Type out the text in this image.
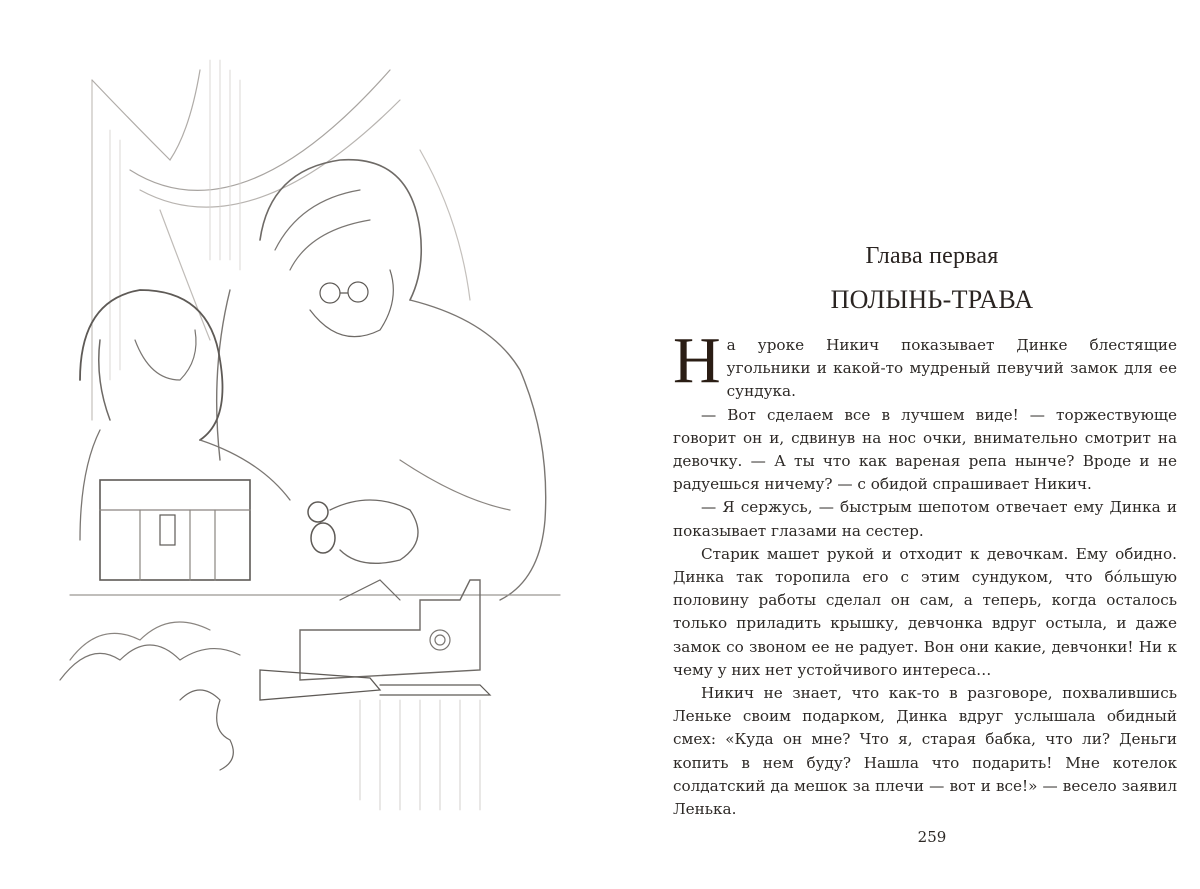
Глава первая
ПОЛЫНЬ-ТРАВА

На уроке Никич показывает Динке блестящие угольники и какой-то мудреный певучий замок для ее сундука.

— Вот сделаем все в лучшем виде! — торжествующе говорит он и, сдвинув на нос очки, внимательно смотрит на девочку. — А ты что как вареная репа нынче? Вроде и не радуешься ничему? — с обидой спрашивает Никич.

— Я сержусь, — быстрым шепотом отвечает ему Динка и показывает глазами на сестер.

Старик машет рукой и отходит к девочкам. Ему обидно. Динка так торопила его с этим сундуком, что бóльшую половину работы сделал он сам, а теперь, когда осталось только приладить крышку, девчонка вдруг остыла, и даже замок со звоном ее не радует. Вон они какие, девчонки! Ни к чему у них нет устойчивого интереса…

Никич не знает, что как-то в разговоре, похвалившись Леньке своим подарком, Динка вдруг услышала обидный смех: «Куда он мне? Что я, старая бабка, что ли? Деньги копить в нем буду? Нашла что подарить! Мне котелок солдатский да мешок за плечи — вот и все!» — весело заявил Ленька.

259
